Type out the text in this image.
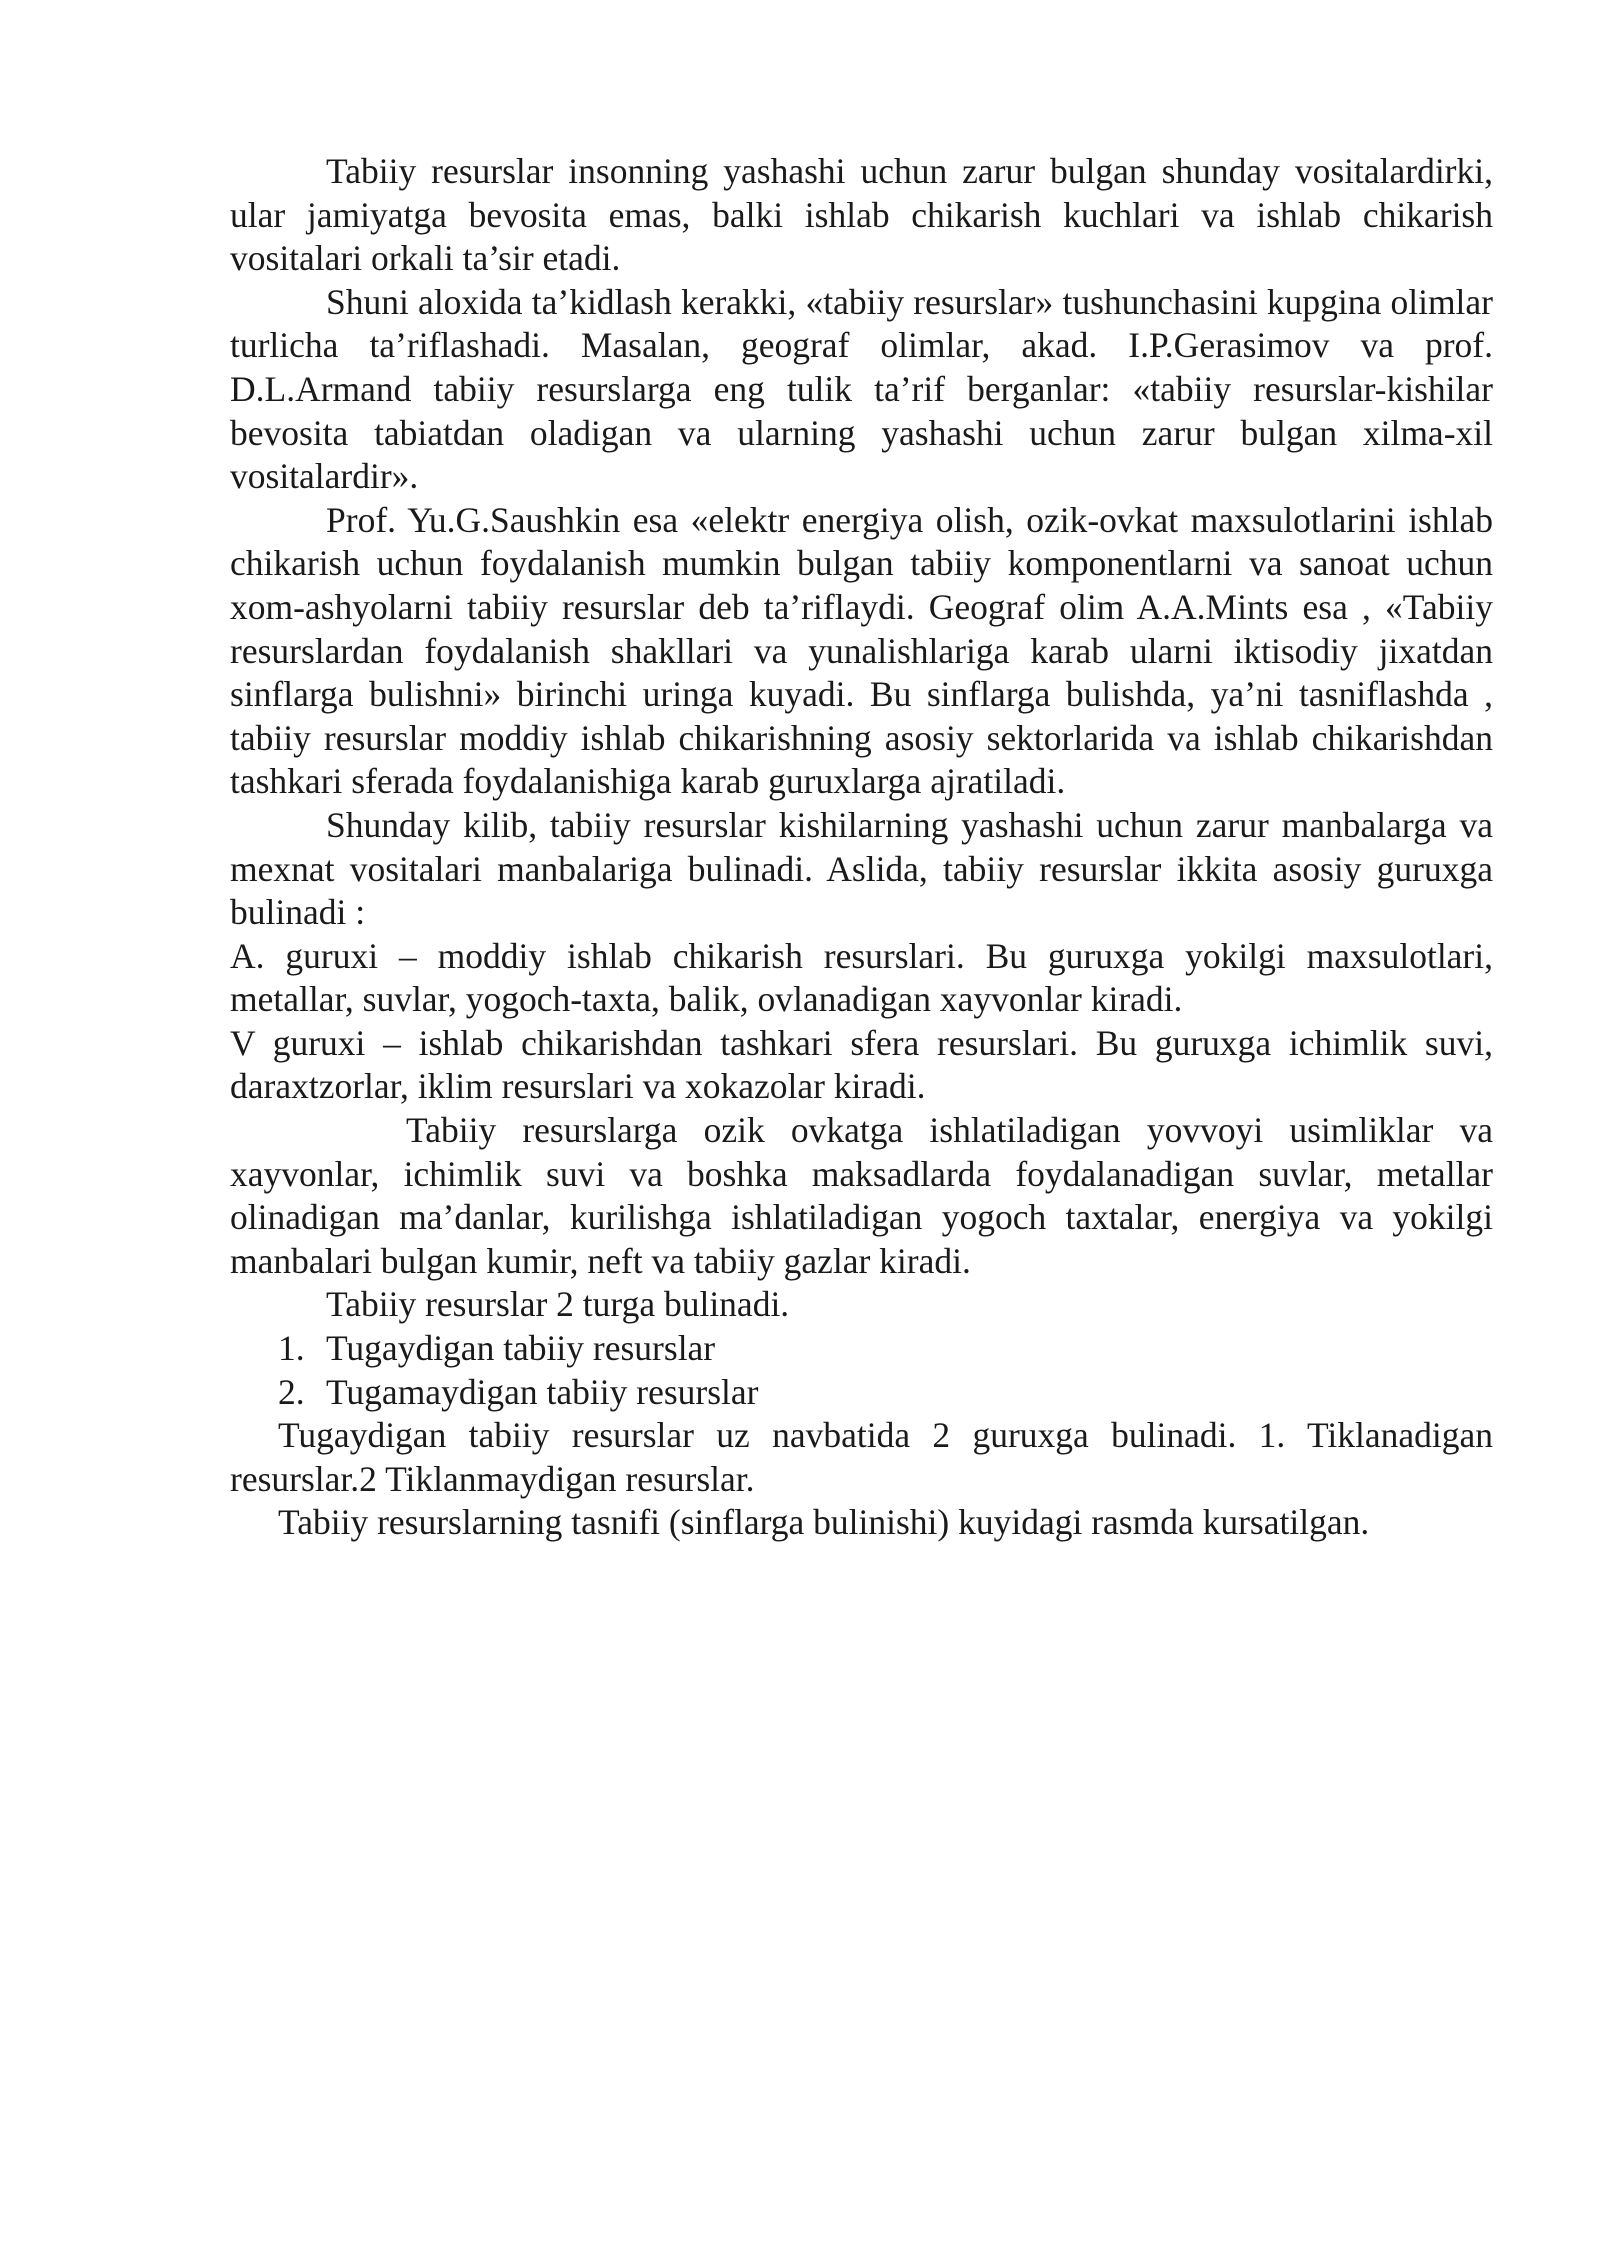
Tabiiy resurslar insonning yashashi uchun zarur bulgan shunday vositalardirki, ular jamiyatga bevosita emas, balki ishlab chikarish kuchlari va ishlab chikarish vositalari orkali ta’sir etadi.

Shuni aloxida ta’kidlash kerakki, «tabiiy resurslar» tushunchasini kupgina olimlar turlicha ta’riflashadi. Masalan, geograf olimlar, akad. I.P.Gerasimov va prof. D.L.Armand tabiiy resurslarga eng tulik ta’rif berganlar: «tabiiy resurslar-kishilar bevosita tabiatdan oladigan va ularning yashashi uchun zarur bulgan xilma-xil vositalardir».

Prof. Yu.G.Saushkin esa «elektr energiya olish, ozik-ovkat maxsulotlarini ishlab chikarish uchun foydalanish mumkin bulgan tabiiy komponentlarni va sanoat uchun xom-ashyolarni tabiiy resurslar deb ta’riflaydi. Geograf olim A.A.Mints esa , «Tabiiy resurslardan foydalanish shakllari va yunalishlariga karab ularni iktisodiy jixatdan sinflarga bulishni» birinchi uringa kuyadi. Bu sinflarga bulishda, ya’ni tasniflashda , tabiiy resurslar moddiy ishlab chikarishning asosiy sektorlarida va ishlab chikarishdan tashkari sferada foydalanishiga karab guruxlarga ajratiladi.

Shunday kilib, tabiiy resurslar kishilarning yashashi uchun zarur manbalarga va mexnat vositalari manbalariga bulinadi. Aslida, tabiiy resurslar ikkita asosiy guruxga bulinadi :

A. guruxi – moddiy ishlab chikarish resurslari. Bu guruxga yokilgi maxsulotlari, metallar, suvlar, yogoch-taxta, balik, ovlanadigan xayvonlar kiradi.

V guruxi – ishlab chikarishdan tashkari sfera resurslari. Bu guruxga ichimlik suvi, daraxtzorlar, iklim resurslari va xokazolar kiradi.

Tabiiy resurslarga ozik ovkatga ishlatiladigan yovvoyi usimliklar va xayvonlar, ichimlik suvi va boshka maksadlarda foydalanadigan suvlar, metallar olinadigan ma’danlar, kurilishga ishlatiladigan yogoch taxtalar, energiya va yokilgi manbalari bulgan kumir, neft va tabiiy gazlar kiradi.

Tabiiy resurslar 2 turga bulinadi.

1. Tugaydigan tabiiy resurslar
2. Tugamaydigan tabiiy resurslar

Tugaydigan tabiiy resurslar uz navbatida 2 guruxga bulinadi. 1. Tiklanadigan resurslar.2 Tiklanmaydigan resurslar.

Tabiiy resurslarning tasnifi (sinflarga bulinishi) kuyidagi rasmda kursatilgan.
